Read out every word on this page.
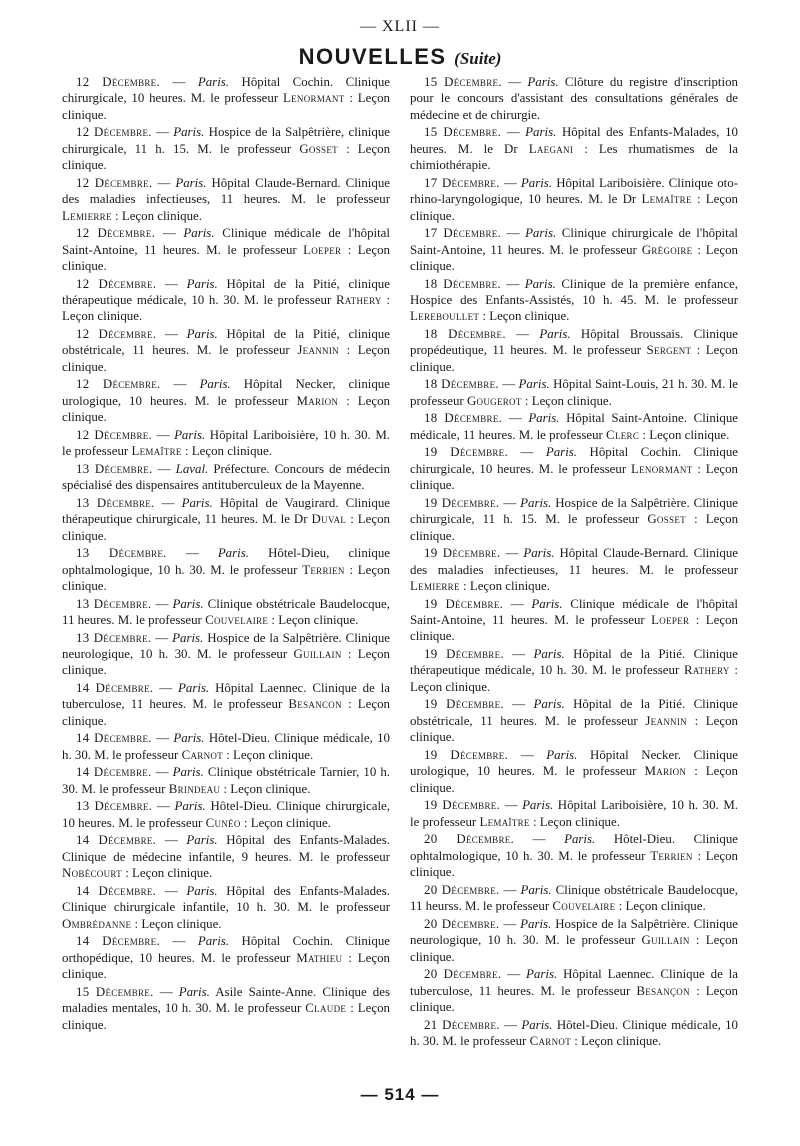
— XLII —
NOUVELLES (Suite)

12 Décembre. — Paris. Hôpital Cochin. Clinique chirurgicale, 10 heures. M. le professeur Lenormant : Leçon clinique.

12 Décembre. — Paris. Hospice de la Salpêtrière, clinique chirurgicale, 11 h. 15. M. le professeur Gosset : Leçon clinique.

12 Décembre. — Paris. Hôpital Claude-Bernard. Clinique des maladies infectieuses, 11 heures. M. le professeur Lemierre : Leçon clinique.

12 Décembre. — Paris. Clinique médicale de l'hôpital Saint-Antoine, 11 heures. M. le professeur Loeper : Leçon clinique.

12 Décembre. — Paris. Hôpital de la Pitié, clinique thérapeutique médicale, 10 h. 30. M. le professeur Rathery : Leçon clinique.

12 Décembre. — Paris. Hôpital de la Pitié, clinique obstétricale, 11 heures. M. le professeur Jeannin : Leçon clinique.

12 Décembre. — Paris. Hôpital Necker, clinique urologique, 10 heures. M. le professeur Marion : Leçon clinique.

12 Décembre. — Paris. Hôpital Lariboisière, 10 h. 30. M. le professeur Lemaître : Leçon clinique.

13 Décembre. — Laval. Préfecture. Concours de médecin spécialisé des dispensaires antituberculeux de la Mayenne.

13 Décembre. — Paris. Hôpital de Vaugirard. Clinique thérapeutique chirurgicale, 11 heures. M. le Dr Duval : Leçon clinique.

13 Décembre. — Paris. Hôtel-Dieu, clinique ophtalmologique, 10 h. 30. M. le professeur Terrien : Leçon clinique.

13 Décembre. — Paris. Clinique obstétricale Baudelocque, 11 heures. M. le professeur Couvelaire : Leçon clinique.

13 Décembre. — Paris. Hospice de la Salpêtrière. Clinique neurologique, 10 h. 30. M. le professeur Guillain : Leçon clinique.

14 Décembre. — Paris. Hôpital Laennec. Clinique de la tuberculose, 11 heures. M. le professeur Besancon : Leçon clinique.

14 Décembre. — Paris. Hôtel-Dieu. Clinique médicale, 10 h. 30. M. le professeur Carnot : Leçon clinique.

14 Décembre. — Paris. Clinique obstétricale Tarnier, 10 h. 30. M. le professeur Brindeau : Leçon clinique.

13 Décembre. — Paris. Hôtel-Dieu. Clinique chirurgicale, 10 heures. M. le professeur Cunéo : Leçon clinique.

14 Décembre. — Paris. Hôpital des Enfants-Malades. Clinique de médecine infantile, 9 heures. M. le professeur Nobécourt : Leçon clinique.

14 Décembre. — Paris. Hôpital des Enfants-Malades. Clinique chirurgicale infantile, 10 h. 30. M. le professeur Ombrédanne : Leçon clinique.

14 Décembre. — Paris. Hôpital Cochin. Clinique orthopédique, 10 heures. M. le professeur Mathieu : Leçon clinique.

15 Décembre. — Paris. Asile Sainte-Anne. Clinique des maladies mentales, 10 h. 30. M. le professeur Claude : Leçon clinique.

15 Décembre. — Paris. Clôture du registre d'inscription pour le concours d'assistant des consultations générales de médecine et de chirurgie.

15 Décembre. — Paris. Hôpital des Enfants-Malades, 10 heures. M. le Dr Laegani : Les rhumatismes de la chimiothérapie.

17 Décembre. — Paris. Hôpital Lariboisière. Clinique oto-rhino-laryngologique, 10 heures. M. le Dr Lemaître : Leçon clinique.

17 Décembre. — Paris. Clinique chirurgicale de l'hôpital Saint-Antoine, 11 heures. M. le professeur Grégoire : Leçon clinique.

18 Décembre. — Paris. Clinique de la première enfance, Hospice des Enfants-Assistés, 10 h. 45. M. le professeur Lereboullet : Leçon clinique.

18 Décembre. — Paris. Hôpital Broussais. Clinique propédeutique, 11 heures. M. le professeur Sergent : Leçon clinique.

18 Décembre. — Paris. Hôpital Saint-Louis, 21 h. 30. M. le professeur Gougerot : Leçon clinique.

18 Décembre. — Paris. Hôpital Saint-Antoine. Clinique médicale, 11 heures. M. le professeur Clerc : Leçon clinique.

19 Décembre. — Paris. Hôpital Cochin. Clinique chirurgicale, 10 heures. M. le professeur Lenormant : Leçon clinique.

19 Décembre. — Paris. Hospice de la Salpêtrière. Clinique chirurgicale, 11 h. 15. M. le professeur Gosset : Leçon clinique.

19 Décembre. — Paris. Hôpital Claude-Bernard. Clinique des maladies infectieuses, 11 heures. M. le professeur Lemierre : Leçon clinique.

19 Décembre. — Paris. Clinique médicale de l'hôpital Saint-Antoine, 11 heures. M. le professeur Loeper : Leçon clinique.

19 Décembre. — Paris. Hôpital de la Pitié. Clinique thérapeutique médicale, 10 h. 30. M. le professeur Rathery : Leçon clinique.

19 Décembre. — Paris. Hôpital de la Pitié. Clinique obstétricale, 11 heures. M. le professeur Jeannin : Leçon clinique.

19 Décembre. — Paris. Hôpital Necker. Clinique urologique, 10 heures. M. le professeur Marion : Leçon clinique.

19 Décembre. — Paris. Hôpital Lariboisière, 10 h. 30. M. le professeur Lemaître : Leçon clinique.

20 Décembre. — Paris. Hôtel-Dieu. Clinique ophtalmologique, 10 h. 30. M. le professeur Terrien : Leçon clinique.

20 Décembre. — Paris. Clinique obstétricale Baudelocque, 11 heurss. M. le professeur Couvelaire : Leçon clinique.

20 Décembre. — Paris. Hospice de la Salpêtrière. Clinique neurologique, 10 h. 30. M. le professeur Guillain : Leçon clinique.

20 Décembre. — Paris. Hôpital Laennec. Clinique de la tuberculose, 11 heures. M. le professeur Besançon : Leçon clinique.

21 Décembre. — Paris. Hôtel-Dieu. Clinique médicale, 10 h. 30. M. le professeur Carnot : Leçon clinique.

— 514 —
